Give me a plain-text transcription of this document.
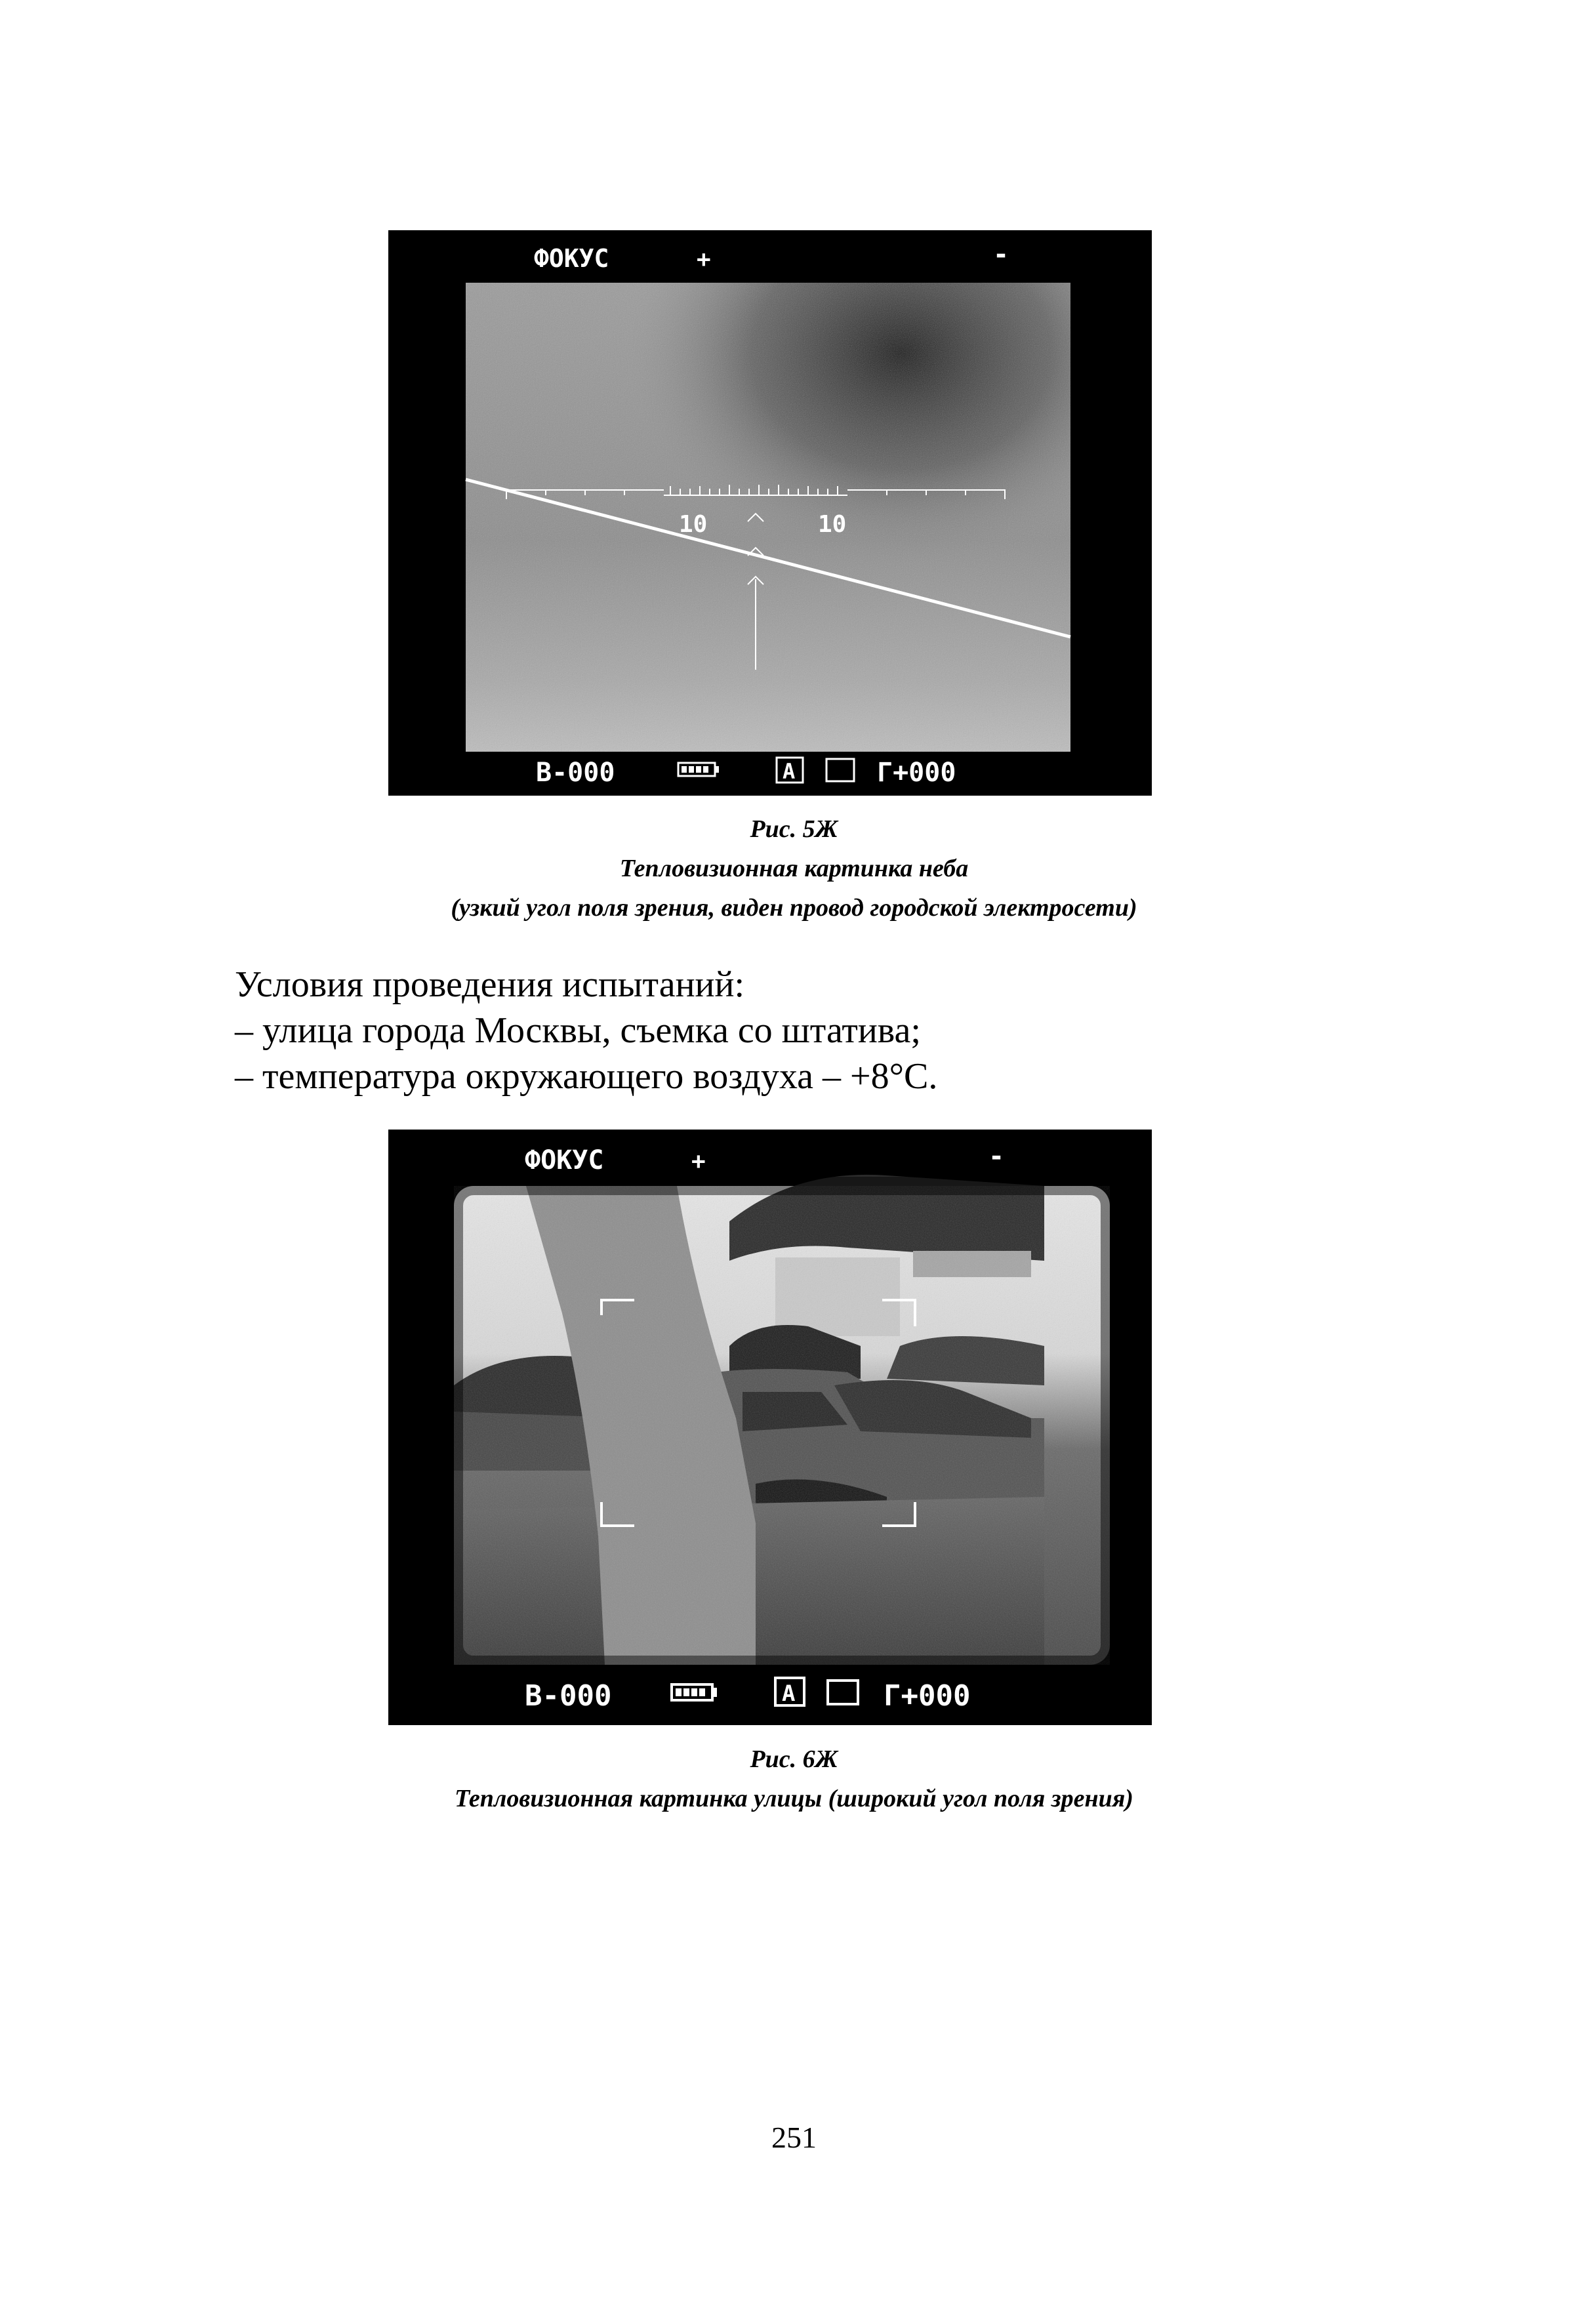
10	10
ФОКУС	+	-
В-000	A	Г+000
Рис. 5Ж
Тепловизионная картинка неба
(узкий угол поля зрения, виден провод городской электросети)
Условия проведения испытаний:
– улица города Москвы, съемка со штатива;
– температура окружающего воздуха – +8°C.
ФОКУС	+	-
В-000	A	Г+000
Рис. 6Ж
Тепловизионная картинка улицы (широкий угол поля зрения)
251
